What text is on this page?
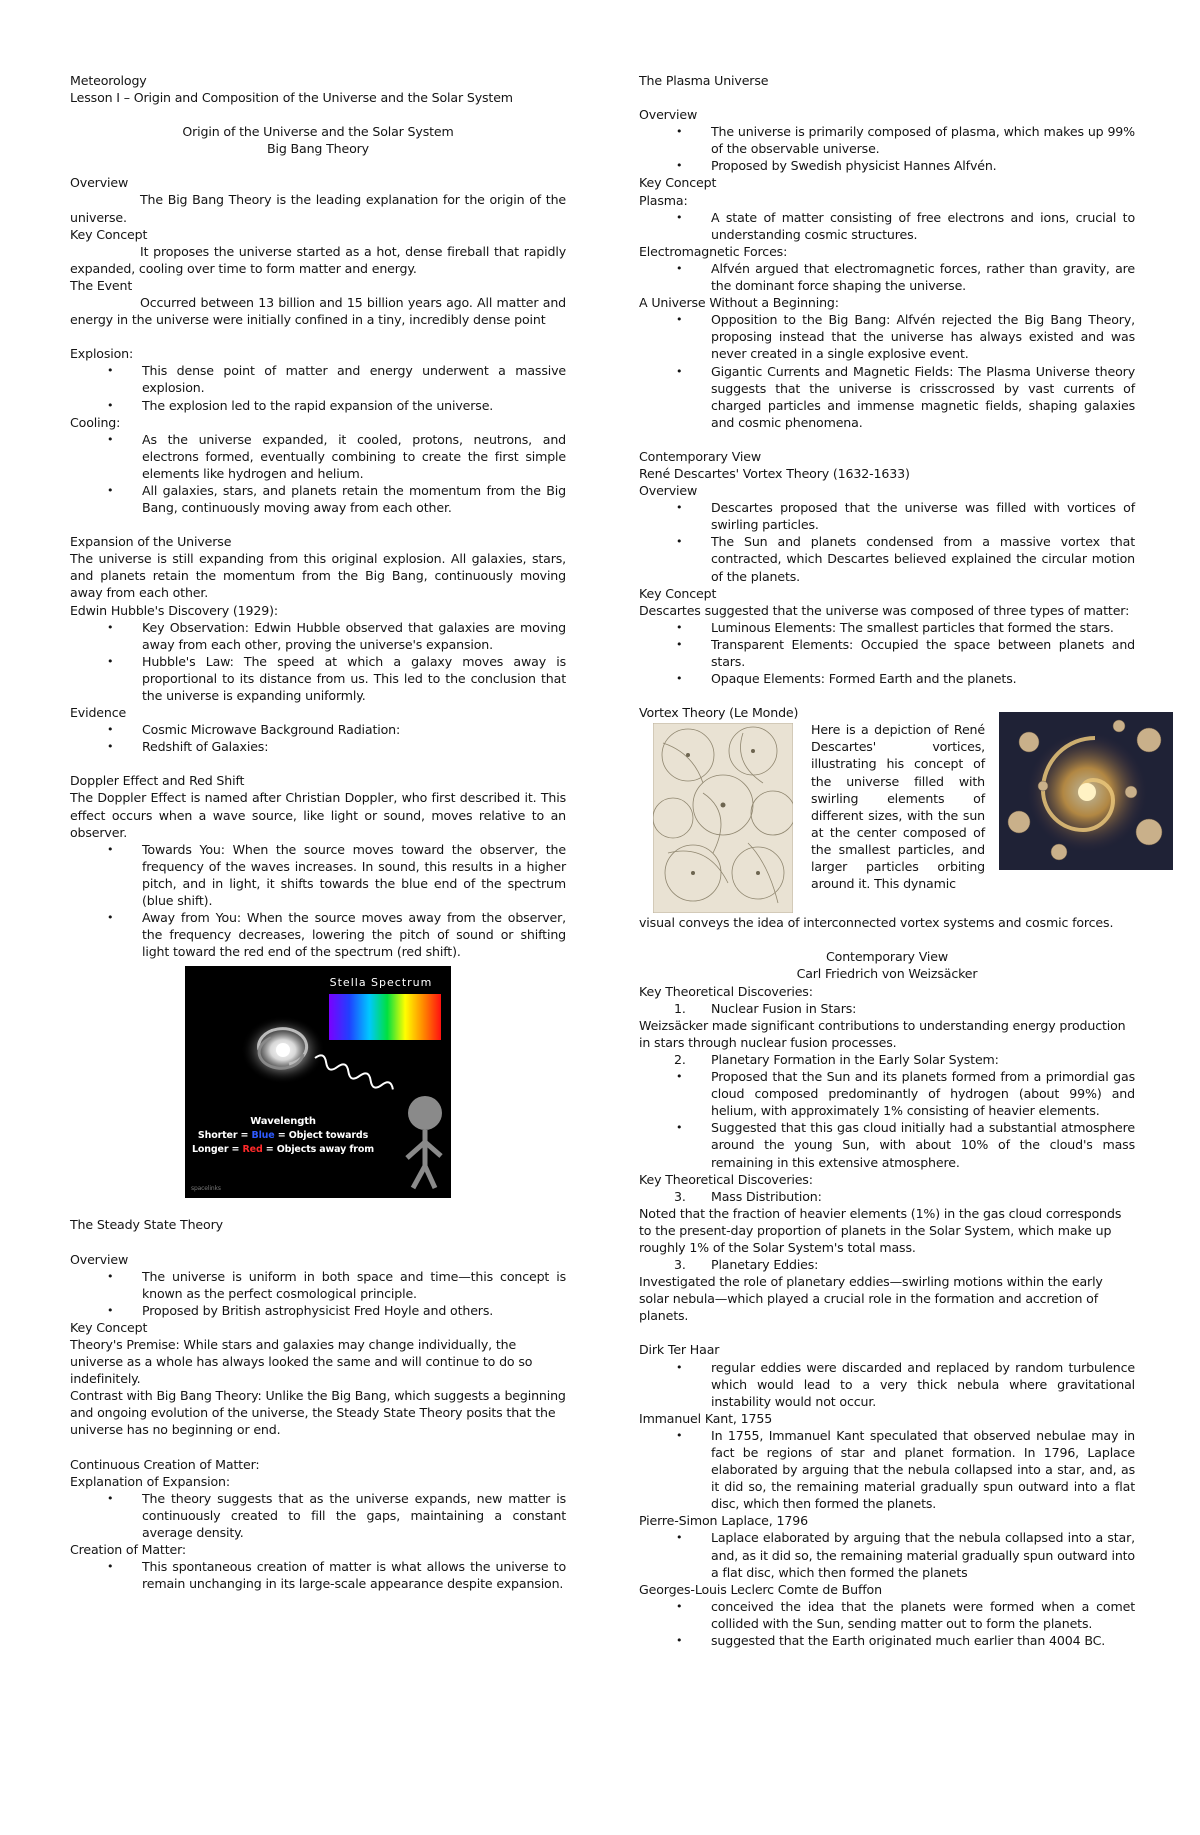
Meteorology

Lesson I – Origin and Composition of the Universe and the Solar System

Origin of the Universe and the Solar System

Big Bang Theory

Overview

The Big Bang Theory is the leading explanation for the origin of the universe.

Key Concept

It proposes the universe started as a hot, dense fireball that rapidly expanded, cooling over time to form matter and energy.

The Event

Occurred between 13 billion and 15 billion years ago. All matter and energy in the universe were initially confined in a tiny, incredibly dense point

Explosion:

• This dense point of matter and energy underwent a massive explosion.
• The explosion led to the rapid expansion of the universe.

Cooling:

• As the universe expanded, it cooled, protons, neutrons, and electrons formed, eventually combining to create the first simple elements like hydrogen and helium.
• All galaxies, stars, and planets retain the momentum from the Big Bang, continuously moving away from each other.

Expansion of the Universe

The universe is still expanding from this original explosion. All galaxies, stars, and planets retain the momentum from the Big Bang, continuously moving away from each other.

Edwin Hubble's Discovery (1929):

• Key Observation: Edwin Hubble observed that galaxies are moving away from each other, proving the universe's expansion.
• Hubble's Law: The speed at which a galaxy moves away is proportional to its distance from us. This led to the conclusion that the universe is expanding uniformly.

Evidence

• Cosmic Microwave Background Radiation:
• Redshift of Galaxies:

Doppler Effect and Red Shift

The Doppler Effect is named after Christian Doppler, who first described it. This effect occurs when a wave source, like light or sound, moves relative to an observer.

• Towards You: When the source moves toward the observer, the frequency of the waves increases. In sound, this results in a higher pitch, and in light, it shifts towards the blue end of the spectrum (blue shift).
• Away from You: When the source moves away from the observer, the frequency decreases, lowering the pitch of sound or shifting light toward the red end of the spectrum (red shift).
Stella Spectrum
Wavelength
Shorter = Blue = Object towards
Longer = Red = Objects away from
spacelinks

The Steady State Theory

Overview

• The universe is uniform in both space and time—this concept is known as the perfect cosmological principle.
• Proposed by British astrophysicist Fred Hoyle and others.

Key Concept

Theory's Premise: While stars and galaxies may change individually, the universe as a whole has always looked the same and will continue to do so indefinitely.

Contrast with Big Bang Theory: Unlike the Big Bang, which suggests a beginning and ongoing evolution of the universe, the Steady State Theory posits that the universe has no beginning or end.

Continuous Creation of Matter:

Explanation of Expansion:

• The theory suggests that as the universe expands, new matter is continuously created to fill the gaps, maintaining a constant average density.

Creation of Matter:

• This spontaneous creation of matter is what allows the universe to remain unchanging in its large-scale appearance despite expansion.

The Plasma Universe

Overview

• The universe is primarily composed of plasma, which makes up 99% of the observable universe.
• Proposed by Swedish physicist Hannes Alfvén.

Key Concept

Plasma:

• A state of matter consisting of free electrons and ions, crucial to understanding cosmic structures.

Electromagnetic Forces:

• Alfvén argued that electromagnetic forces, rather than gravity, are the dominant force shaping the universe.

A Universe Without a Beginning:

• Opposition to the Big Bang: Alfvén rejected the Big Bang Theory, proposing instead that the universe has always existed and was never created in a single explosive event.
• Gigantic Currents and Magnetic Fields: The Plasma Universe theory suggests that the universe is crisscrossed by vast currents of charged particles and immense magnetic fields, shaping galaxies and cosmic phenomena.

Contemporary View

René Descartes' Vortex Theory (1632-1633)

Overview

• Descartes proposed that the universe was filled with vortices of swirling particles.
• The Sun and planets condensed from a massive vortex that contracted, which Descartes believed explained the circular motion of the planets.

Key Concept

Descartes suggested that the universe was composed of three types of matter:

• Luminous Elements: The smallest particles that formed the stars.
• Transparent Elements: Occupied the space between planets and stars.
• Opaque Elements: Formed Earth and the planets.

Vortex Theory (Le Monde)

Here is a depiction of René Descartes' vortices, illustrating his concept of the universe filled with swirling elements of different sizes, with the sun at the center composed of the smallest particles, and larger particles orbiting around it. This dynamic

visual conveys the idea of interconnected vortex systems and cosmic forces.

Contemporary View

Carl Friedrich von Weizsäcker

Key Theoretical Discoveries:

1. Nuclear Fusion in Stars:

Weizsäcker made significant contributions to understanding energy production in stars through nuclear fusion processes.

2. Planetary Formation in the Early Solar System:
• Proposed that the Sun and its planets formed from a primordial gas cloud composed predominantly of hydrogen (about 99%) and helium, with approximately 1% consisting of heavier elements.
• Suggested that this gas cloud initially had a substantial atmosphere around the young Sun, with about 10% of the cloud's mass remaining in this extensive atmosphere.

Key Theoretical Discoveries:

3. Mass Distribution:

Noted that the fraction of heavier elements (1%) in the gas cloud corresponds to the present-day proportion of planets in the Solar System, which make up roughly 1% of the Solar System's total mass.

3. Planetary Eddies:

Investigated the role of planetary eddies—swirling motions within the early solar nebula—which played a crucial role in the formation and accretion of planets.

Dirk Ter Haar

• regular eddies were discarded and replaced by random turbulence which would lead to a very thick nebula where gravitational instability would not occur.

Immanuel Kant, 1755

• In 1755, Immanuel Kant speculated that observed nebulae may in fact be regions of star and planet formation. In 1796, Laplace elaborated by arguing that the nebula collapsed into a star, and, as it did so, the remaining material gradually spun outward into a flat disc, which then formed the planets.

Pierre-Simon Laplace, 1796

• Laplace elaborated by arguing that the nebula collapsed into a star, and, as it did so, the remaining material gradually spun outward into a flat disc, which then formed the planets

Georges-Louis Leclerc Comte de Buffon

• conceived the idea that the planets were formed when a comet collided with the Sun, sending matter out to form the planets.
• suggested that the Earth originated much earlier than 4004 BC.
